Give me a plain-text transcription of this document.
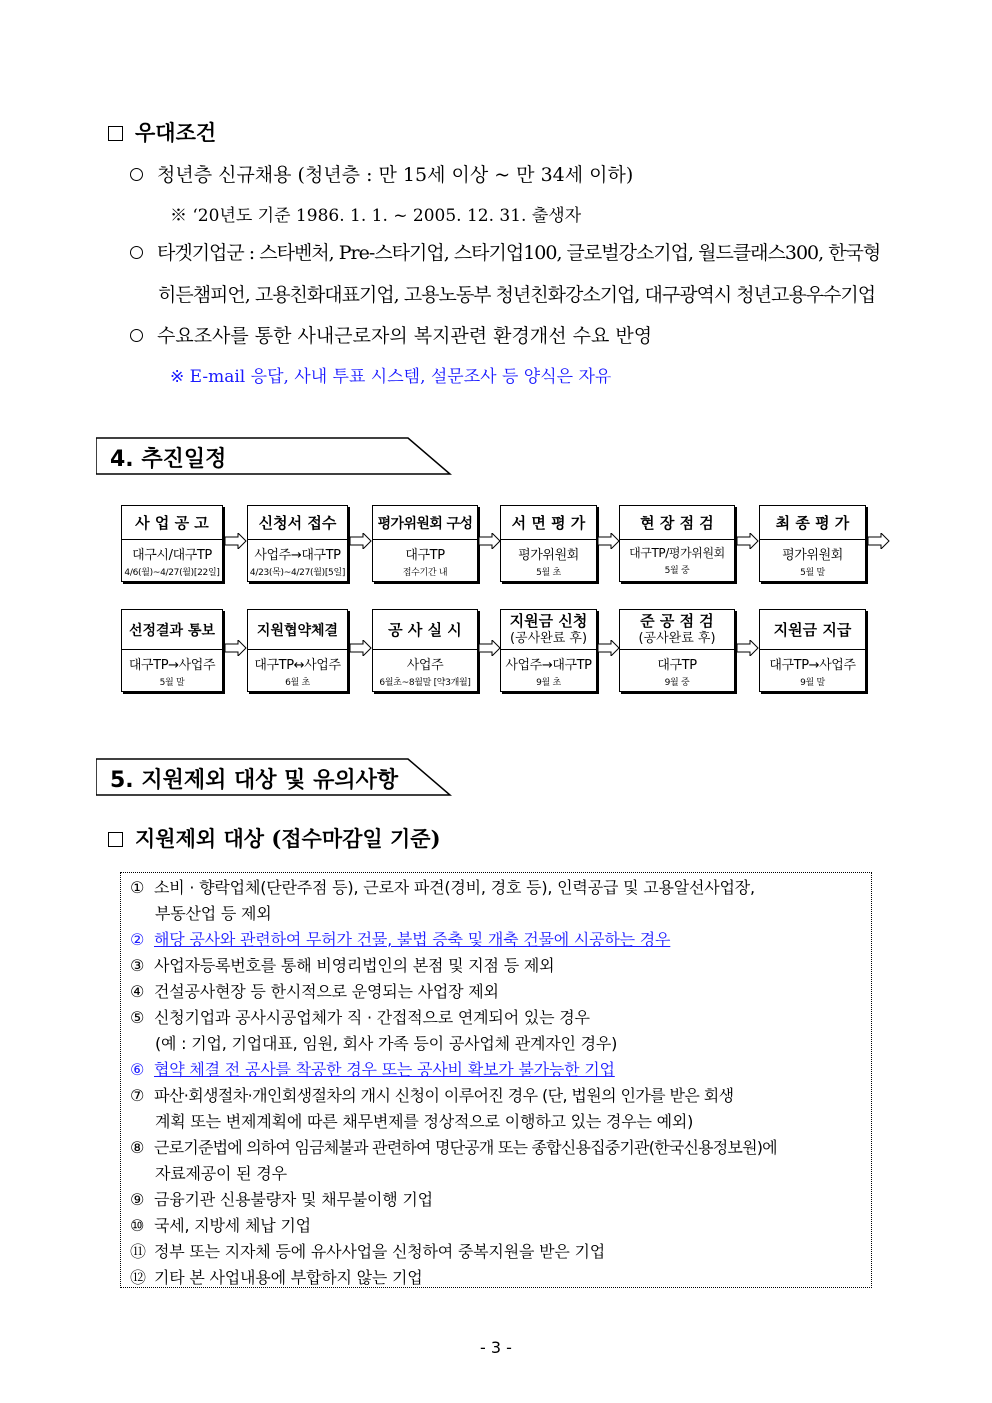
우대조건
청년층 신규채용 (청년층 : 만 15세 이상 ~ 만 34세 이하)
※ ‘20년도 기준 1986. 1. 1. ~ 2005. 12. 31. 출생자
타겟기업군 : 스타벤처, Pre-스타기업, 스타기업100, 글로벌강소기업, 월드클래스300, 한국형
히든챔피언, 고용친화대표기업, 고용노동부 청년친화강소기업, 대구광역시 청년고용우수기업
수요조사를 통한 사내근로자의 복지관련 환경개선 수요 반영
※ E-mail 응답, 사내 투표 시스템, 설문조사 등 양식은 자유
4. 추진일정
사 업 공 고
대구시/대구TP
4/6(월)~4/27(월)[22일]
신청서 접수
사업주→대구TP
4/23(목)~4/27(월)[5일]
평가위원회 구성
대구TP
접수기간 내
서 면 평 가
평가위원회
5월 초
현 장 점 검
대구TP/평가위원회
5월 중
최 종 평 가
평가위원회
5월 말
선정결과 통보
대구TP→사업주
5월 말
지원협약체결
대구TP↔사업주
6월 초
공 사 실 시
사업주
6월초~8월말 [약3개월]
지원금 신청
(공사완료 후)
사업주→대구TP
9월 초
준 공 점 검
(공사완료 후)
대구TP
9월 중
지원금 지급
대구TP→사업주
9월 말
5. 지원제외 대상 및 유의사항
지원제외 대상 (접수마감일 기준)
① 소비 · 향락업체(단란주점 등), 근로자 파견(경비, 경호 등), 인력공급 및 고용알선사업장,
부동산업 등 제외
② 해당 공사와 관련하여 무허가 건물, 불법 증축 및 개축 건물에 시공하는 경우
③ 사업자등록번호를 통해 비영리법인의 본점 및 지점 등 제외
④ 건설공사현장 등 한시적으로 운영되는 사업장 제외
⑤ 신청기업과 공사시공업체가 직 · 간접적으로 연계되어 있는 경우
(예 : 기업, 기업대표, 임원, 회사 가족 등이 공사업체 관계자인 경우)
⑥ 협약 체결 전 공사를 착공한 경우 또는 공사비 확보가 불가능한 기업
⑦ 파산·회생절차·개인회생절차의 개시 신청이 이루어진 경우 (단, 법원의 인가를 받은 회생
계획 또는 변제계획에 따른 채무변제를 정상적으로 이행하고 있는 경우는 예외)
⑧ 근로기준법에 의하여 임금체불과 관련하여 명단공개 또는 종합신용집중기관(한국신용정보원)에
자료제공이 된 경우
⑨ 금융기관 신용불량자 및 채무불이행 기업
⑩ 국세, 지방세 체납 기업
⑪ 정부 또는 지자체 등에 유사사업을 신청하여 중복지원을 받은 기업
⑫ 기타 본 사업내용에 부합하지 않는 기업
- 3 -
